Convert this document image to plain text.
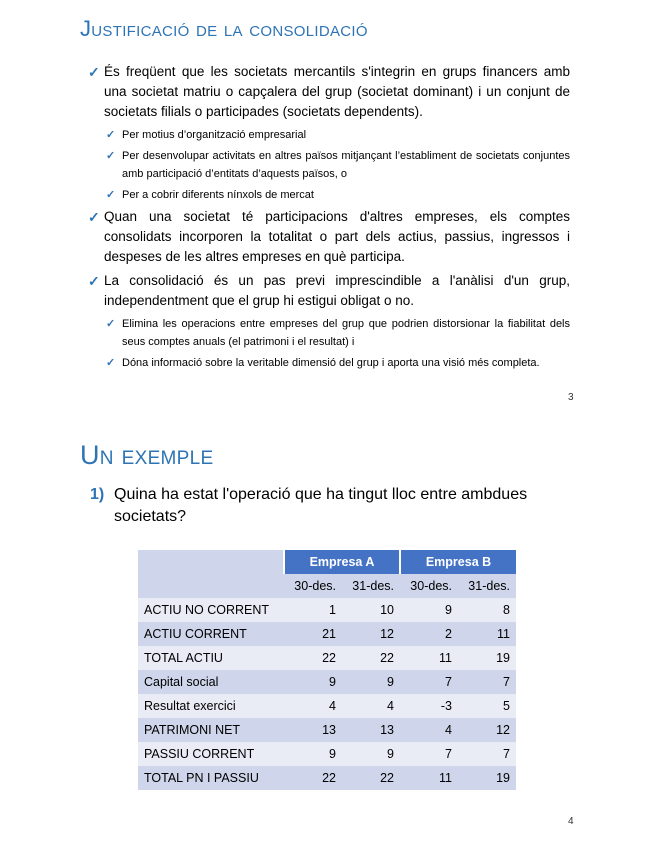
Justificació de la consolidació
✓ És freqüent que les societats mercantils s'integrin en grups financers amb una societat matriu o capçalera del grup (societat dominant) i un conjunt de societats filials o participades (societats dependents).
✓ Per motius d’organització empresarial
✓ Per desenvolupar activitats en altres països mitjançant l’establiment de societats conjuntes amb participació d’entitats d’aquests països, o
✓ Per a cobrir diferents nínxols de mercat
✓ Quan una societat té participacions d'altres empreses, els comptes consolidats incorporen la totalitat o part dels actius, passius, ingressos i despeses de les altres empreses en què participa.
✓ La consolidació és un pas previ imprescindible a l'anàlisi d'un grup, independentment que el grup hi estigui obligat o no.
✓ Elimina les operacions entre empreses del grup que podrien distorsionar la fiabilitat dels seus comptes anuals (el patrimoni i el resultat) i
✓ Dóna informació sobre la veritable dimensió del grup i aporta una visió més completa.
3
Un exemple
1) Quina ha estat l'operació que ha tingut lloc entre ambdues societats?
	Empresa A		Empresa B	
	30-des.	31-des.	30-des.	31-des.
ACTIU NO CORRENT	1	10	9	8
ACTIU CORRENT	21	12	2	11
TOTAL ACTIU	22	22	11	19
Capital social	9	9	7	7
Resultat exercici	4	4	-3	5
PATRIMONI NET	13	13	4	12
PASSIU CORRENT	9	9	7	7
TOTAL PN I PASSIU	22	22	11	19
4
